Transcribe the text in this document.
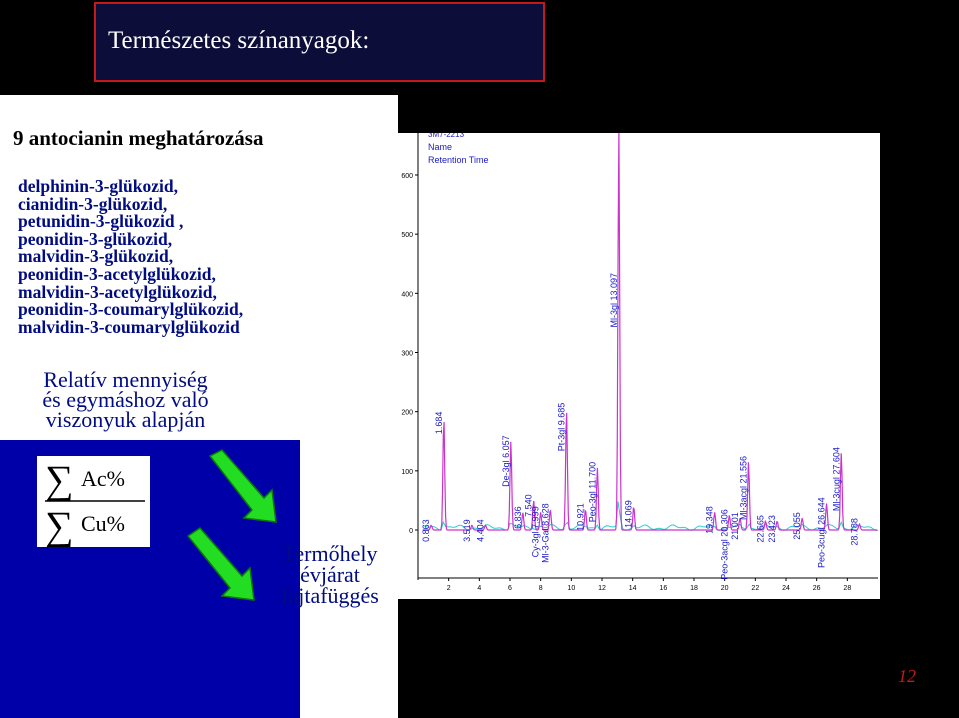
Természetes színanyagok:
9 antocianin meghatározása
delphinin-3-glükozid,
cianidin-3-glükozid,
petunidin-3-glükozid ,
peonidin-3-glükozid,
malvidin-3-glükozid,
peonidin-3-acetylglükozid,
malvidin-3-acetylglükozid,
peonidin-3-coumarylglükozid,
malvidin-3-coumarylglükozid
Relatív mennyiség
és egymáshoz való
viszonyuk alapján
∑ Ac%
∑ Cu%
Termőhely
évjárat
fajtafüggés
3M7-2213
Name
Retention Time
600
500
400
300
200
100
0
2	4	6	8	10	12	14	16	18	20	22	24	26	28
1.684
0.863	3.519 4.404
De-3gl 6.057
6.836
7.540
Cy-3gl 7.999 Ml-3-Gal 8.628
Pt-3gl 9.685
10.921 Peo-3gl 11.700
Ml-3gl 13.097
14.069	19.348 Peo-3acgl 20.306 21.001
Ml-3acgl 21.556
22.665 23.423 25.055 Peo-3cugl 26.644
Ml-3cugl 27.604
28.788
12
